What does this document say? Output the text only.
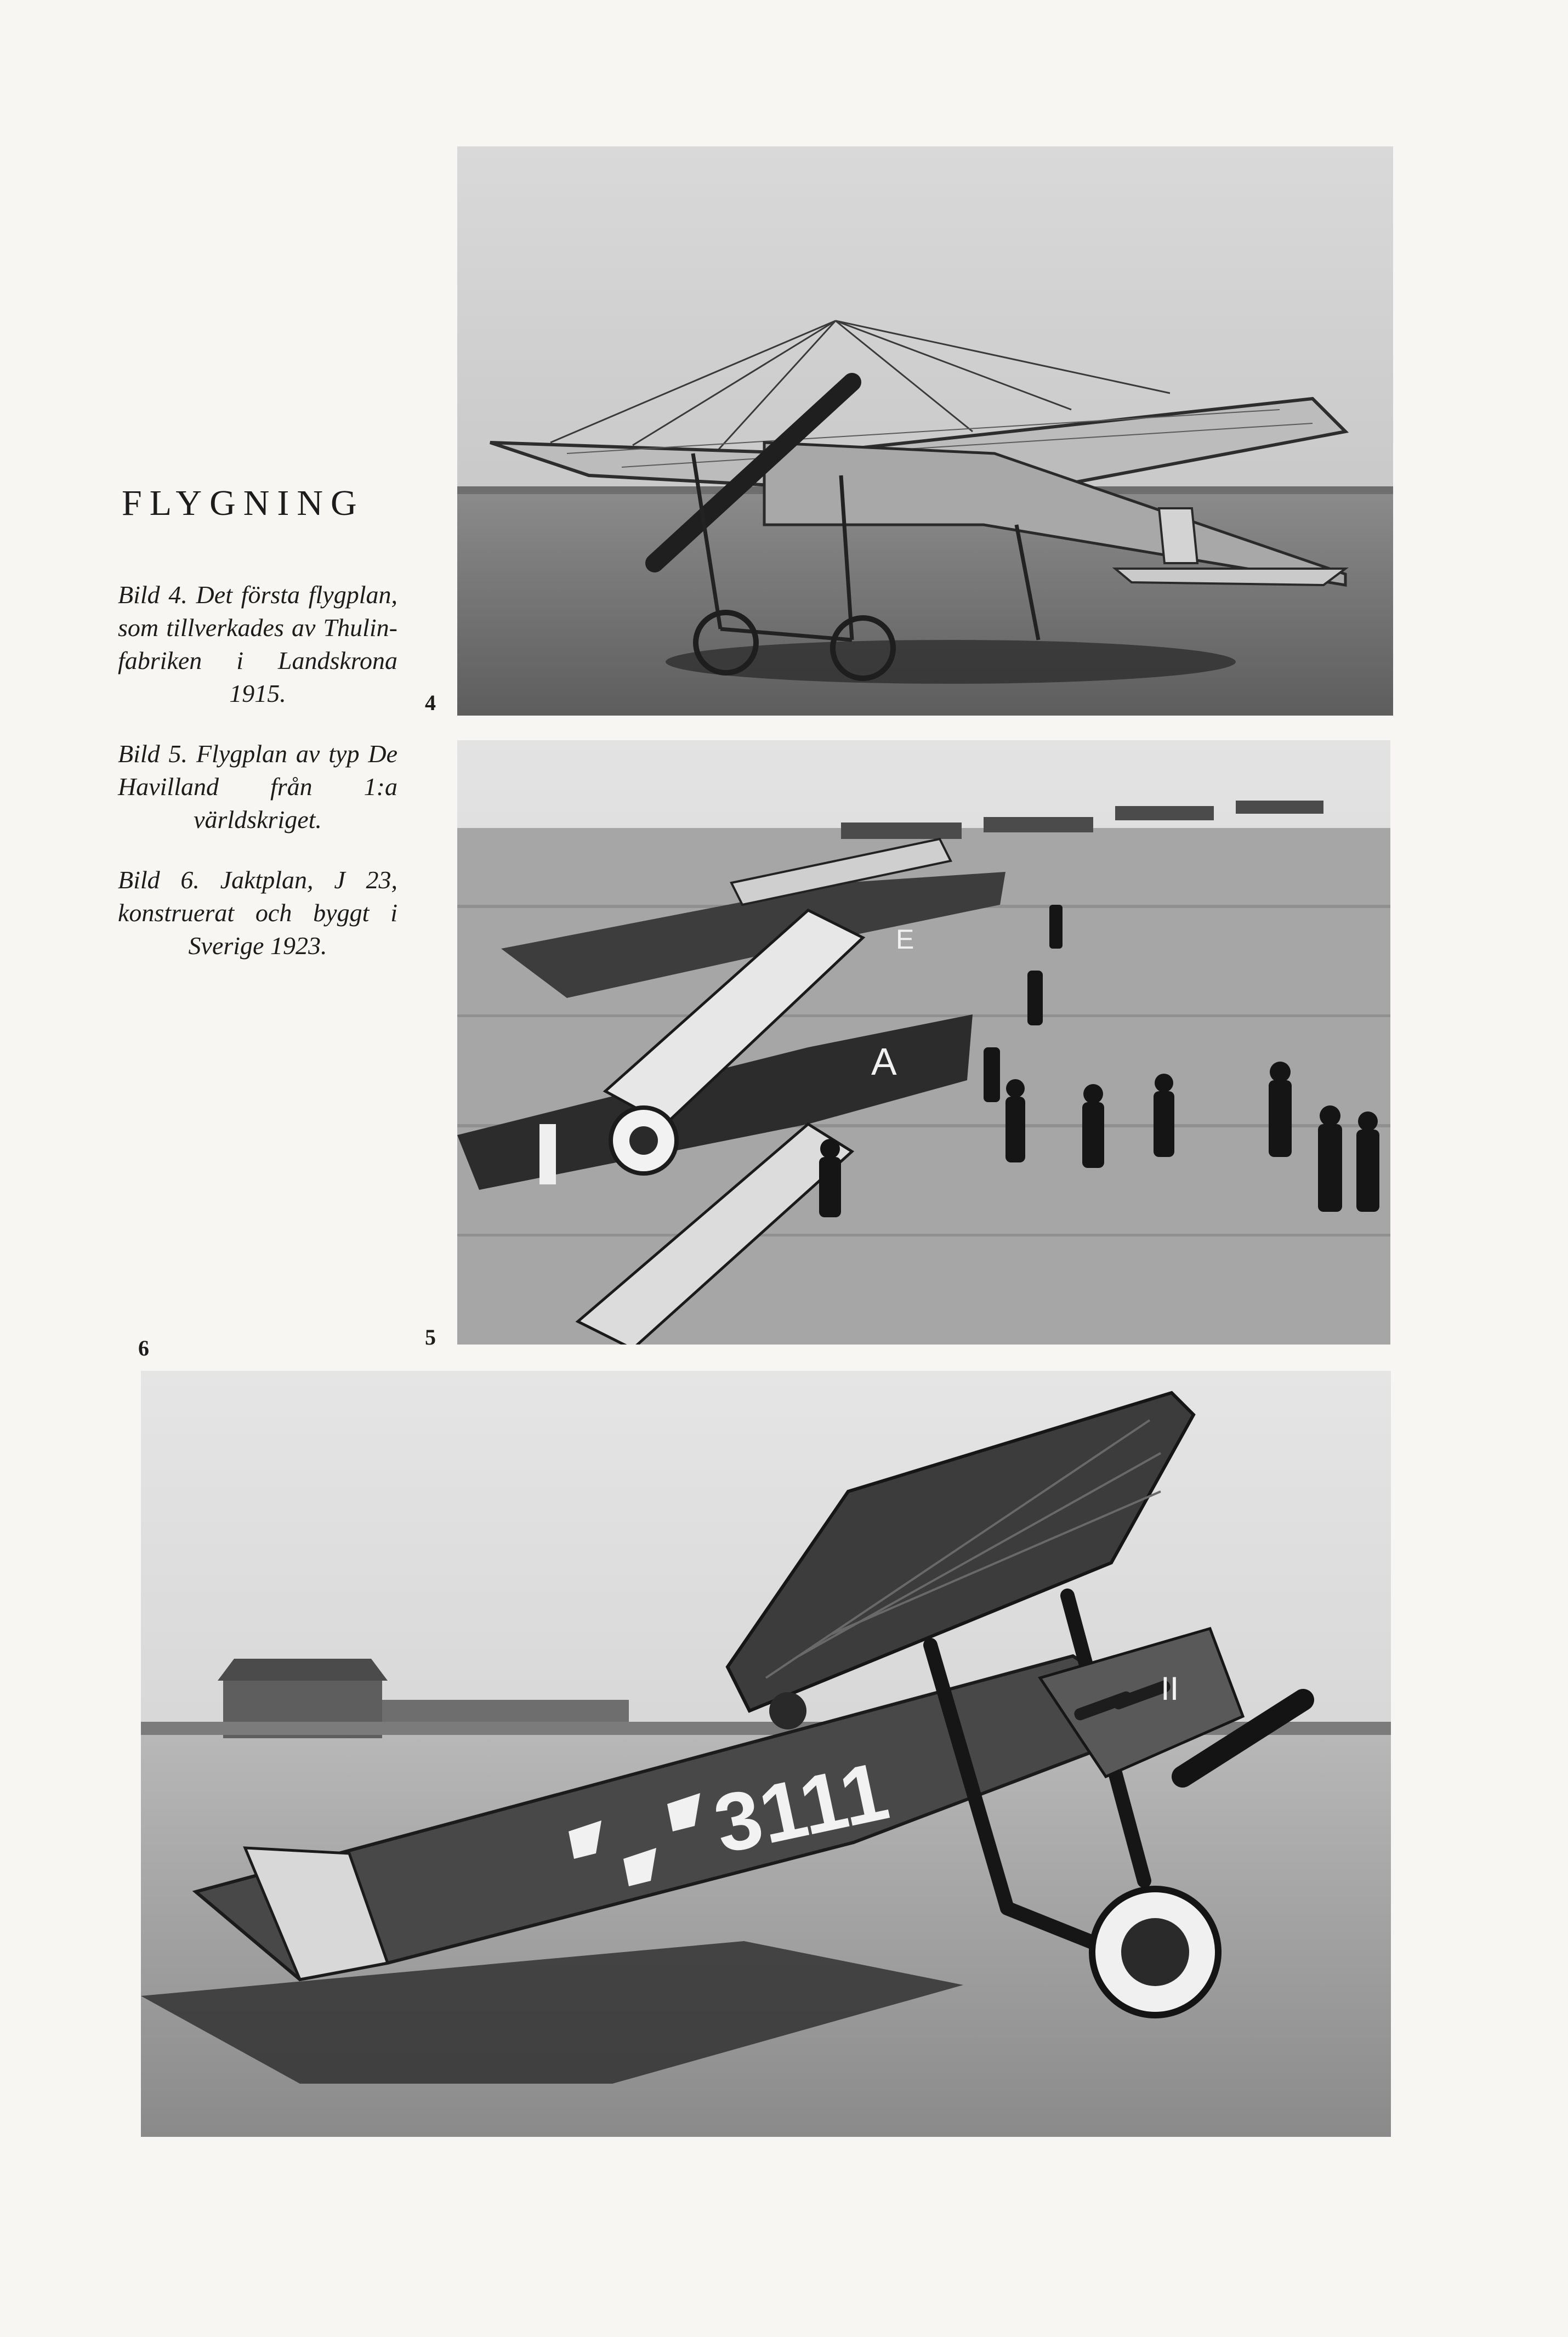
FLYGNING
Bild 4. Det första flygplan, som tillverkades av Thulin-fabriken i Landskrona 1915.
Bild 5. Flygplan av typ De Havilland från 1:a världskriget.
Bild 6. Jaktplan, J 23, konstruerat och byggt i Sverige 1923.
4
5
6
A
E
3111
II
